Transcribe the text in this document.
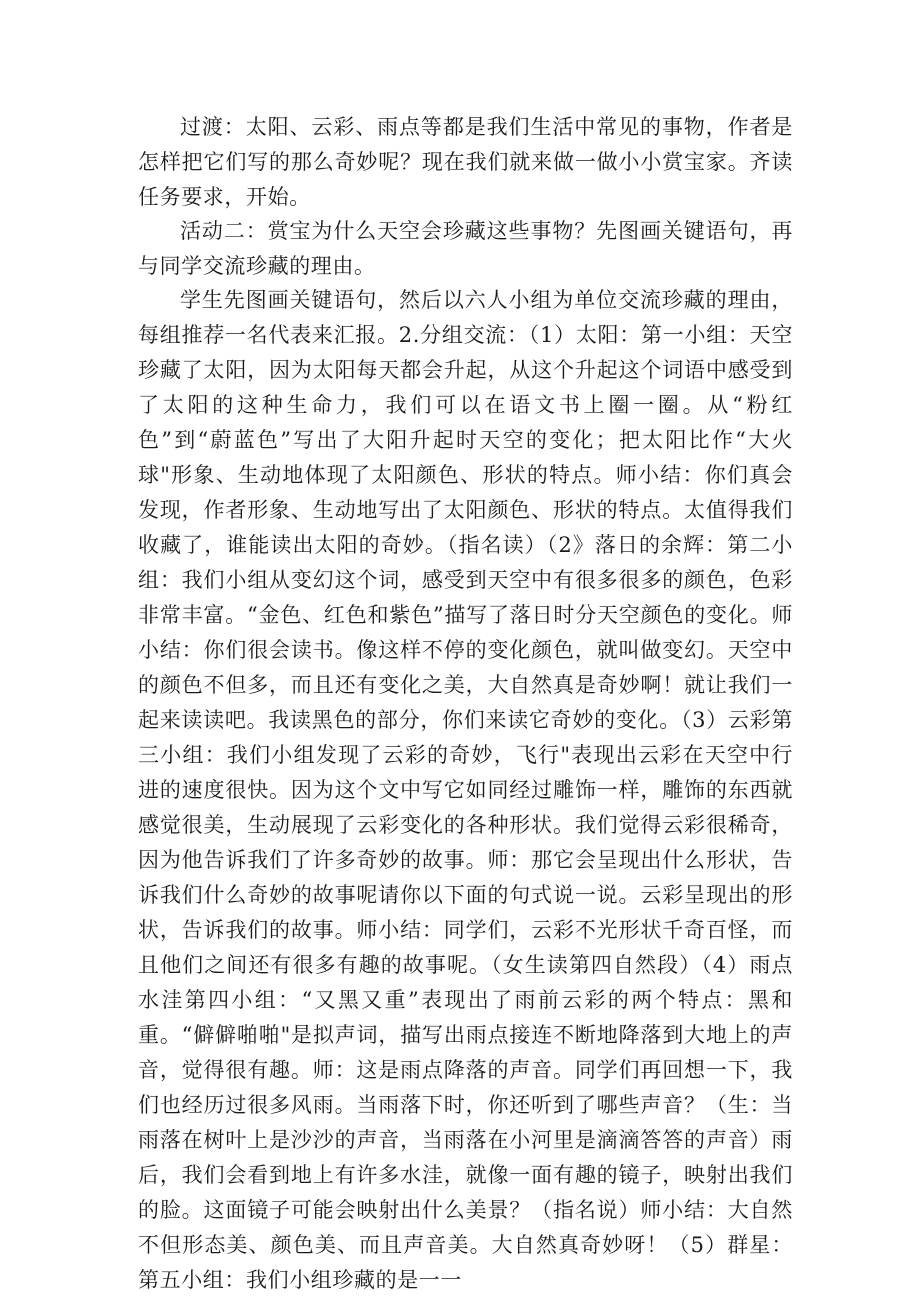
过渡：太阳、云彩、雨点等都是我们生活中常见的事物，作者是怎样把它们写的那么奇妙呢？现在我们就来做一做小小赏宝家。齐读任务要求，开始。

活动二：赏宝为什么天空会珍藏这些事物？先图画关键语句，再与同学交流珍藏的理由。

学生先图画关键语句，然后以六人小组为单位交流珍藏的理由，每组推荐一名代表来汇报。2.分组交流：（1）太阳：第一小组：天空珍藏了太阳，因为太阳每天都会升起，从这个升起这个词语中感受到了太阳的这种生命力，我们可以在语文书上圈一圈。从“粉红色”到“蔚蓝色”写出了大阳升起时天空的变化；把太阳比作“大火球"形象、生动地体现了太阳颜色、形状的特点。师小结：你们真会发现，作者形象、生动地写出了太阳颜色、形状的特点。太值得我们收藏了，谁能读出太阳的奇妙。（指名读）（2》落日的余辉：第二小组：我们小组从变幻这个词，感受到天空中有很多很多的颜色，色彩非常丰富。“金色、红色和紫色”描写了落日时分天空颜色的变化。师小结：你们很会读书。像这样不停的变化颜色，就叫做变幻。天空中的颜色不但多，而且还有变化之美，大自然真是奇妙啊！就让我们一起来读读吧。我读黑色的部分，你们来读它奇妙的变化。（3）云彩第三小组：我们小组发现了云彩的奇妙，飞行"表现出云彩在天空中行进的速度很快。因为这个文中写它如同经过雕饰一样，雕饰的东西就感觉很美，生动展现了云彩变化的各种形状。我们觉得云彩很稀奇，因为他告诉我们了许多奇妙的故事。师：那它会呈现出什么形状，告诉我们什么奇妙的故事呢请你以下面的句式说一说。云彩呈现出的形状，告诉我们的故事。师小结：同学们，云彩不光形状千奇百怪，而且他们之间还有很多有趣的故事呢。（女生读第四自然段）（4）雨点水洼第四小组：“又黑又重”表现出了雨前云彩的两个特点：黑和重。“僻僻啪啪"是拟声词，描写出雨点接连不断地降落到大地上的声音，觉得很有趣。师：这是雨点降落的声音。同学们再回想一下，我们也经历过很多风雨。当雨落下时，你还听到了哪些声音？（生：当雨落在树叶上是沙沙的声音，当雨落在小河里是滴滴答答的声音）雨后，我们会看到地上有许多水洼，就像一面有趣的镜子，映射出我们的脸。这面镜子可能会映射出什么美景？（指名说）师小结：大自然不但形态美、颜色美、而且声音美。大自然真奇妙呀！（5）群星：第五小组：我们小组珍藏的是一一
